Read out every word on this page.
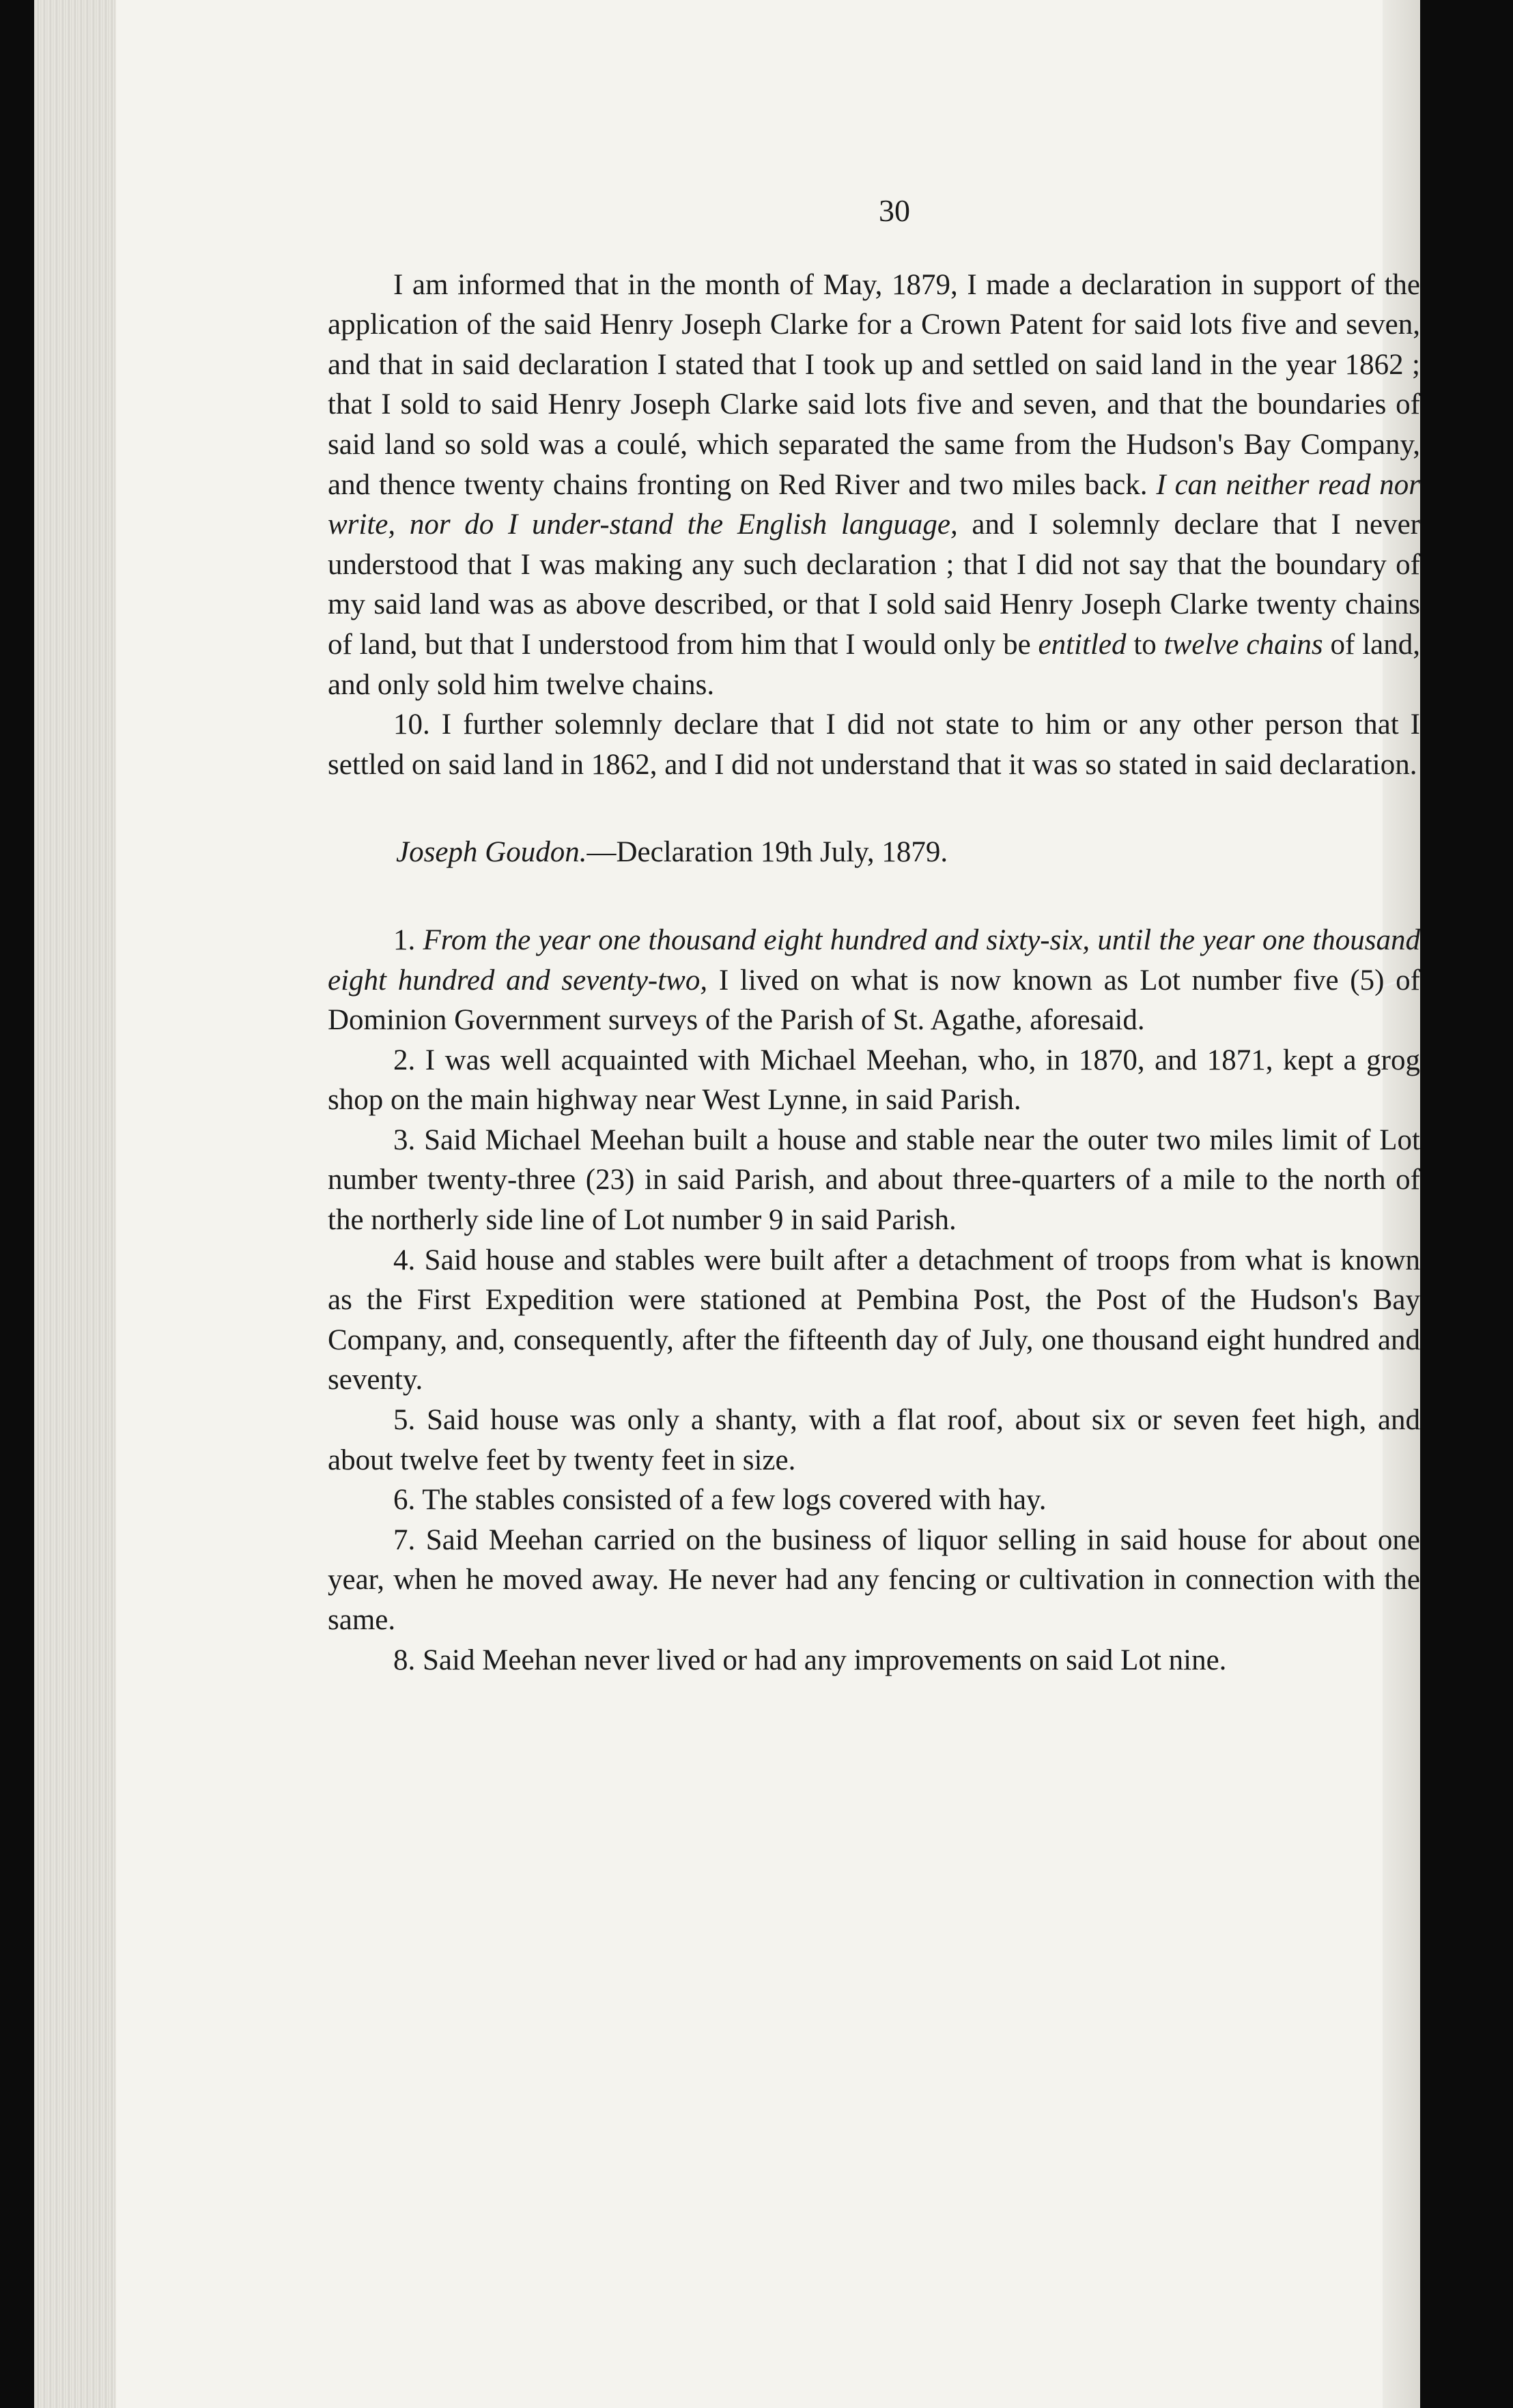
30

I am informed that in the month of May, 1879, I made a declaration in support of the application of the said Henry Joseph Clarke for a Crown Patent for said lots five and seven, and that in said declaration I stated that I took up and settled on said land in the year 1862 ; that I sold to said Henry Joseph Clarke said lots five and seven, and that the boundaries of said land so sold was a coulé, which separated the same from the Hudson's Bay Company, and thence twenty chains fronting on Red River and two miles back. I can neither read nor write, nor do I under-stand the English language, and I solemnly declare that I never understood that I was making any such declaration ; that I did not say that the boundary of my said land was as above described, or that I sold said Henry Joseph Clarke twenty chains of land, but that I understood from him that I would only be entitled to twelve chains of land, and only sold him twelve chains.

10. I further solemnly declare that I did not state to him or any other person that I settled on said land in 1862, and I did not understand that it was so stated in said declaration.

Joseph Goudon.—Declaration 19th July, 1879.

1. From the year one thousand eight hundred and sixty-six, until the year one thousand eight hundred and seventy-two, I lived on what is now known as Lot number five (5) of Dominion Government surveys of the Parish of St. Agathe, aforesaid.

2. I was well acquainted with Michael Meehan, who, in 1870, and 1871, kept a grog shop on the main highway near West Lynne, in said Parish.

3. Said Michael Meehan built a house and stable near the outer two miles limit of Lot number twenty-three (23) in said Parish, and about three-quarters of a mile to the north of the northerly side line of Lot number 9 in said Parish.

4. Said house and stables were built after a detachment of troops from what is known as the First Expedition were stationed at Pembina Post, the Post of the Hudson's Bay Company, and, consequently, after the fifteenth day of July, one thousand eight hundred and seventy.

5. Said house was only a shanty, with a flat roof, about six or seven feet high, and about twelve feet by twenty feet in size.

6. The stables consisted of a few logs covered with hay.

7. Said Meehan carried on the business of liquor selling in said house for about one year, when he moved away. He never had any fencing or cultivation in connection with the same.

8. Said Meehan never lived or had any improvements on said Lot nine.
